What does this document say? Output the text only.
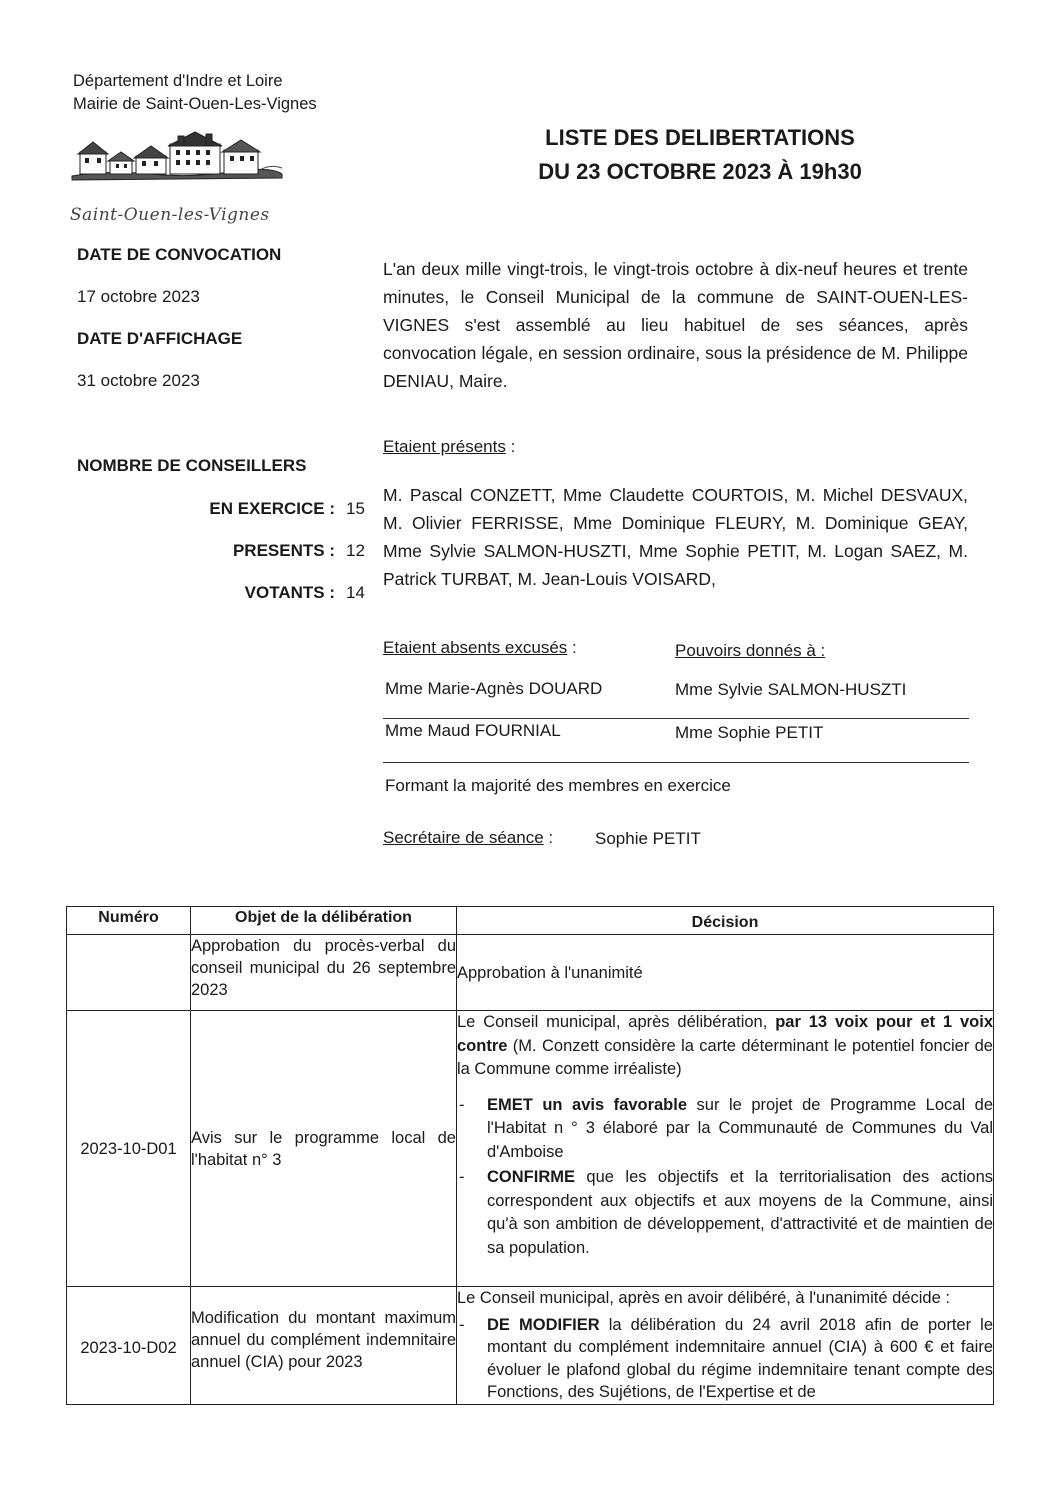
Département d'Indre et Loire
Mairie de Saint-Ouen-Les-Vignes
Saint-Ouen-les-Vignes
LISTE DES DELIBERTATIONS
DU 23 OCTOBRE 2023 À 19h30
DATE DE CONVOCATION
17 octobre 2023
DATE D'AFFICHAGE
31 octobre 2023
NOMBRE DE CONSEILLERS
EN EXERCICE : 15
PRESENTS : 12
VOTANTS : 14
L'an deux mille vingt-trois, le vingt-trois octobre à dix-neuf heures et trente minutes, le Conseil Municipal de la commune de SAINT-OUEN-LES-VIGNES s'est assemblé au lieu habituel de ses séances, après convocation légale, en session ordinaire, sous la présidence de M. Philippe DENIAU, Maire.
Etaient présents :
M. Pascal CONZETT, Mme Claudette COURTOIS, M. Michel DESVAUX, M. Olivier FERRISSE, Mme Dominique FLEURY, M. Dominique GEAY, Mme Sylvie SALMON-HUSZTI, Mme Sophie PETIT, M. Logan SAEZ, M. Patrick TURBAT, M. Jean-Louis VOISARD,
Etaient absents excusés :	Pouvoirs donnés à :
Mme Marie-Agnès DOUARD	Mme Sylvie SALMON-HUSZTI
Mme Maud FOURNIAL	Mme Sophie PETIT
Formant la majorité des membres en exercice
Secrétaire de séance : Sophie PETIT
Numéro	Objet de la délibération	Décision
	Approbation du procès-verbal du conseil municipal du 26 septembre 2023	Approbation à l'unanimité

2023-10-D01	Avis sur le programme local de l'habitat n° 3	Le Conseil municipal, après délibération, par 13 voix pour et 1 voix contre (M. Conzett considère la carte déterminant le potentiel foncier de la Commune comme irréaliste)

- EMET un avis favorable sur le projet de Programme Local de l'Habitat n ° 3 élaboré par la Communauté de Communes du Val d'Amboise
- CONFIRME que les objectifs et la territorialisation des actions correspondent aux objectifs et aux moyens de la Commune, ainsi qu'à son ambition de développement, d'attractivité et de maintien de sa population.

2023-10-D02	Modification du montant maximum annuel du complément indemnitaire annuel (CIA) pour 2023	Le Conseil municipal, après en avoir délibéré, à l'unanimité décide :

- DE MODIFIER la délibération du 24 avril 2018 afin de porter le montant du complément indemnitaire annuel (CIA) à 600 € et faire évoluer le plafond global du régime indemnitaire tenant compte des Fonctions, des Sujétions, de l'Expertise et de
